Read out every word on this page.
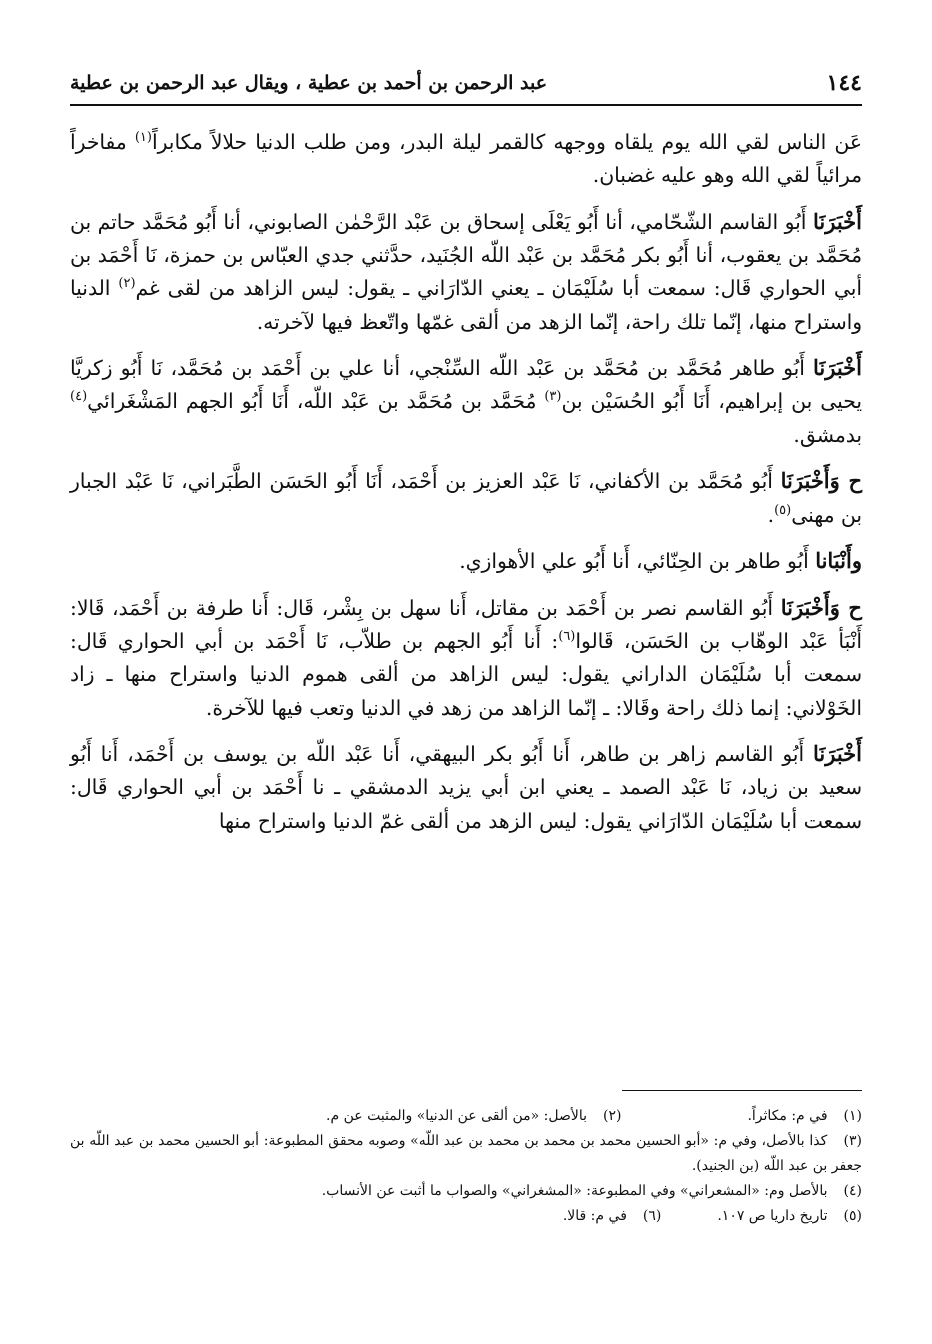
١٤٤
عبد الرحمن بن أحمد بن عطية ، ويقال عبد الرحمن بن عطية

عَن الناس لقي الله يوم يلقاه ووجهه كالقمر ليلة البدر، ومن طلب الدنيا حلالاً مكابراً$^{(١)}$ مفاخراً مرائياً لقي الله وهو عليه غضبان.

أَخْبَرَنَا أَبُو القاسم الشّحّامي، أنا أَبُو يَعْلَى إسحاق بن عَبْد الرَّحْمٰن الصابوني، أنا أَبُو مُحَمَّد حاتم بن مُحَمَّد بن يعقوب، أنا أَبُو بكر مُحَمَّد بن عَبْد اللّه الجُنَيد، حدَّثني جدي العبّاس بن حمزة، نَا أَحْمَد بن أبي الحواري قَال: سمعت أبا سُلَيْمَان ـ يعني الدّارَاني ـ يقول: ليس الزاهد من لقى غم$^{(٢)}$ الدنيا واستراح منها، إنّما تلك راحة، إنّما الزهد من ألقى غمّها واتّعظ فيها لآخرته.

أَخْبَرَنَا أَبُو طاهر مُحَمَّد بن مُحَمَّد بن عَبْد اللّه السِّنْجي، أنا علي بن أَحْمَد بن مُحَمَّد، نَا أَبُو زكريَّا يحيى بن إبراهيم، أَنَا أَبُو الحُسَيْن بن$^{(٣)}$ مُحَمَّد بن مُحَمَّد بن عَبْد اللّه، أَنَا أَبُو الجهم المَشْغَرائي$^{(٤)}$ بدمشق.

ح وَأَخْبَرَنَا أَبُو مُحَمَّد بن الأكفاني، نَا عَبْد العزيز بن أَحْمَد، أَنَا أَبُو الحَسَن الطَّبَراني، نَا عَبْد الجبار بن مهنى$^{(٥)}$.

وأَنْبَانا أَبُو طاهر بن الحِنّائي، أَنا أَبُو علي الأهوازي.

ح وَأَخْبَرَنَا أَبُو القاسم نصر بن أَحْمَد بن مقاتل، أَنا سهل بن بِشْر، قَال: أَنا طرفة بن أَحْمَد، قَالا: أَنْبَأ عَبْد الوهّاب بن الحَسَن، قَالوا$^{(٦)}$: أَنا أَبُو الجهم بن طلاّب، نَا أَحْمَد بن أبي الحواري قَال: سمعت أبا سُلَيْمَان الداراني يقول: ليس الزاهد من ألقى هموم الدنيا واستراح منها ـ زاد الخَوْلاني: إنما ذلك راحة وقَالا: ـ إنّما الزاهد من زهد في الدنيا وتعب فيها للآخرة.

أَخْبَرَنَا أَبُو القاسم زاهر بن طاهر، أَنا أَبُو بكر البيهقي، أَنا عَبْد اللّه بن يوسف بن أَحْمَد، أَنا أَبُو سعيد بن زياد، نَا عَبْد الصمد ـ يعني ابن أبي يزيد الدمشقي ـ نا أَحْمَد بن أبي الحواري قَال: سمعت أبا سُلَيْمَان الدّارَاني يقول: ليس الزهد من ألقى غمّ الدنيا واستراح منها

(١) في م: مكاثراً.
(٢) بالأصل: «من ألقى عن الدنيا» والمثبت عن م.
(٣) كذا بالأصل، وفي م: «أبو الحسين محمد بن محمد بن محمد بن عبد اللّه» وصوبه محقق المطبوعة: أبو الحسين محمد بن عبد اللّه بن جعفر بن عبد اللّه (بن الجنيد).
(٤) بالأصل وم: «المشعراني» وفي المطبوعة: «المشغراني» والصواب ما أثبت عن الأنساب.
(٥) تاريخ داريا ص ١٠٧.
(٦) في م: قالا.
